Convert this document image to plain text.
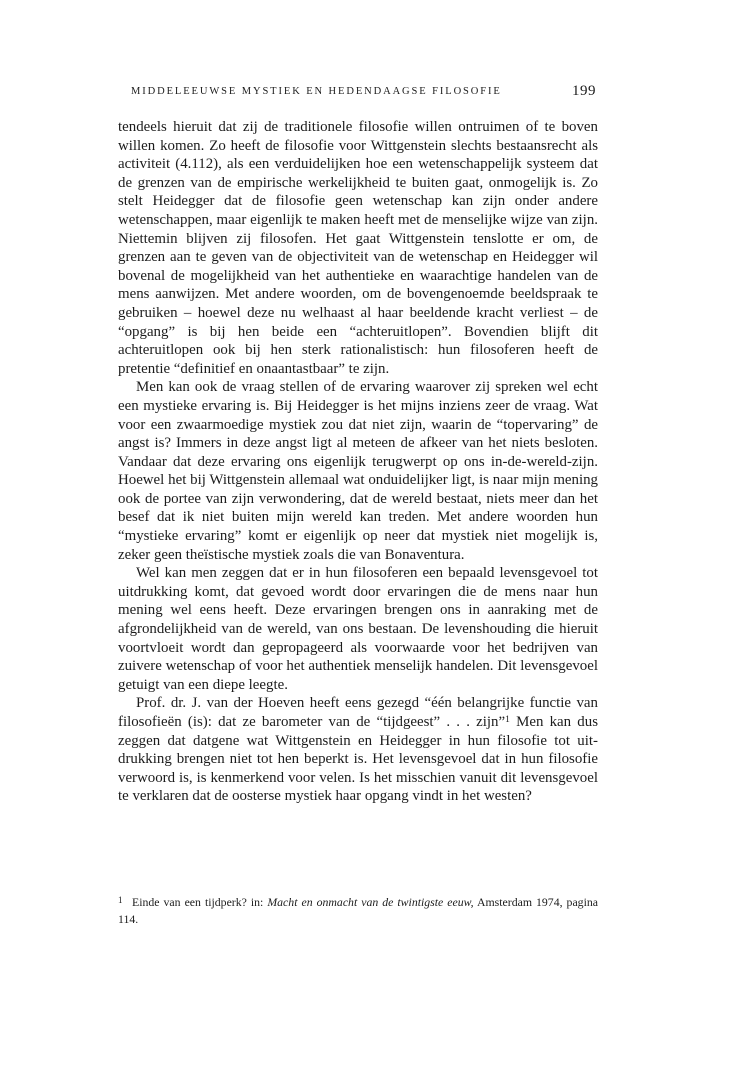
MIDDELEEUWSE MYSTIEK EN HEDENDAAGSE FILOSOFIE	199

tendeels hieruit dat zij de traditionele filosofie willen ontruimen of te boven willen komen. Zo heeft de filosofie voor Wittgenstein slechts bestaansrecht als activiteit (4.112), als een verduidelijken hoe een wetenschappelijk systeem dat de grenzen van de empirische werkelijkheid te buiten gaat, onmogelijk is. Zo stelt Heidegger dat de filosofie geen wetenschap kan zijn onder andere wetenschappen, maar eigenlijk te maken heeft met de menselijke wijze van zijn. Niettemin blijven zij filosofen. Het gaat Wittgenstein tenslotte er om, de grenzen aan te geven van de objectiviteit van de wetenschap en Heidegger wil bovenal de mogelijkheid van het authentieke en waarachtige handelen van de mens aanwijzen. Met andere woorden, om de bovengenoemde beeldspraak te gebruiken – hoewel deze nu welhaast al haar beeldende kracht verliest – de “opgang” is bij hen beide een “achteruitlopen”. Bovendien blijft dit achteruitlopen ook bij hen sterk rationalistisch: hun filosoferen heeft de pretentie “definitief en onaantastbaar” te zijn.

Men kan ook de vraag stellen of de ervaring waarover zij spreken wel echt een mystieke ervaring is. Bij Heidegger is het mijns inziens zeer de vraag. Wat voor een zwaarmoedige mystiek zou dat niet zijn, waarin de “topervaring” de angst is? Immers in deze angst ligt al meteen de afkeer van het niets besloten. Vandaar dat deze ervaring ons eigenlijk terugwerpt op ons in-de-wereld-zijn. Hoewel het bij Wittgenstein allemaal wat onduidelijker ligt, is naar mijn mening ook de portee van zijn verwondering, dat de wereld bestaat, niets meer dan het besef dat ik niet buiten mijn wereld kan treden. Met andere woorden hun “mystieke ervaring” komt er eigenlijk op neer dat mystiek niet mogelijk is, zeker geen theïstische mystiek zoals die van Bonaventura.

Wel kan men zeggen dat er in hun filosoferen een bepaald levensgevoel tot uitdrukking komt, dat gevoed wordt door ervaringen die de mens naar hun mening wel eens heeft. Deze ervaringen brengen ons in aanraking met de afgrondelijkheid van de wereld, van ons bestaan. De levenshouding die hieruit voortvloeit wordt dan gepropageerd als voorwaarde voor het bedrijven van zuivere wetenschap of voor het authentiek menselijk handelen. Dit levensgevoel getuigt van een diepe leegte.

Prof. dr. J. van der Hoeven heeft eens gezegd “één belangrijke functie van filosofieën (is): dat ze barometer van de “tijdgeest” . . . zijn”$^1$ Men kan dus zeggen dat datgene wat Wittgenstein en Heidegger in hun filosofie tot uitdrukking brengen niet tot hen beperkt is. Het levensgevoel dat in hun filosofie verwoord is, is kenmerkend voor velen. Is het misschien vanuit dit levensgevoel te verklaren dat de oosterse mystiek haar opgang vindt in het westen?

1 Einde van een tijdperk? in: Macht en onmacht van de twintigste eeuw, Amsterdam 1974, pagina 114.
